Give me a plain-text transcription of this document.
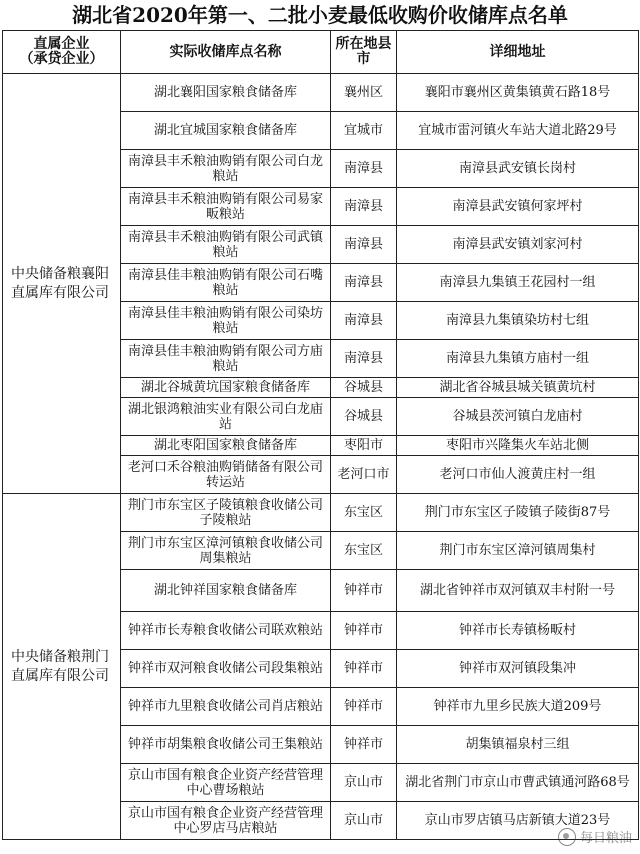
湖北省2020年第一、二批小麦最低收购价收储库点名单
直属企业
（承贷企业）	实际收储库点名称	所在地县市	详细地址
中央储备粮襄阳直属库有限公司	湖北襄阳国家粮食储备库	襄州区	襄阳市襄州区黄集镇黄石路18号
	湖北宜城国家粮食储备库	宜城市	宜城市雷河镇火车站大道北路29号
	南漳县丰禾粮油购销有限公司白龙粮站	南漳县	南漳县武安镇长岗村
	南漳县丰禾粮油购销有限公司易家畈粮站	南漳县	南漳县武安镇何家坪村
	南漳县丰禾粮油购销有限公司武镇粮站	南漳县	南漳县武安镇刘家河村
	南漳县佳丰粮油购销有限公司石嘴粮站	南漳县	南漳县九集镇王花园村一组
	南漳县佳丰粮油购销有限公司染坊粮站	南漳县	南漳县九集镇染坊村七组
	南漳县佳丰粮油购销有限公司方庙粮站	南漳县	南漳县九集镇方庙村一组
	湖北谷城黄坑国家粮食储备库	谷城县	湖北省谷城县城关镇黄坑村
	湖北银鸿粮油实业有限公司白龙庙站	谷城县	谷城县茨河镇白龙庙村
	湖北枣阳国家粮食储备库	枣阳市	枣阳市兴隆集火车站北侧
	老河口禾谷粮油购销储备有限公司转运站	老河口市	老河口市仙人渡黄庄村一组
中央储备粮荆门直属库有限公司	荆门市东宝区子陵镇粮食收储公司子陵粮站	东宝区	荆门市东宝区子陵镇子陵街87号
	荆门市东宝区漳河镇粮食收储公司周集粮站	东宝区	荆门市东宝区漳河镇周集村
	湖北钟祥国家粮食储备库	钟祥市	湖北省钟祥市双河镇双丰村附一号
	钟祥市长寿粮食收储公司联欢粮站	钟祥市	钟祥市长寿镇杨畈村
	钟祥市双河粮食收储公司段集粮站	钟祥市	钟祥市双河镇段集冲
	钟祥市九里粮食收储公司肖店粮站	钟祥市	钟祥市九里乡民族大道209号
	钟祥市胡集粮食收储公司王集粮站	钟祥市	胡集镇福泉村三组
	京山市国有粮食企业资产经营管理中心曹场粮站	京山市	湖北省荆门市京山市曹武镇通河路68号
	京山市国有粮食企业资产经营管理中心罗店马店粮站	京山市	京山市罗店镇马店新镇大道23号
每日粮油
